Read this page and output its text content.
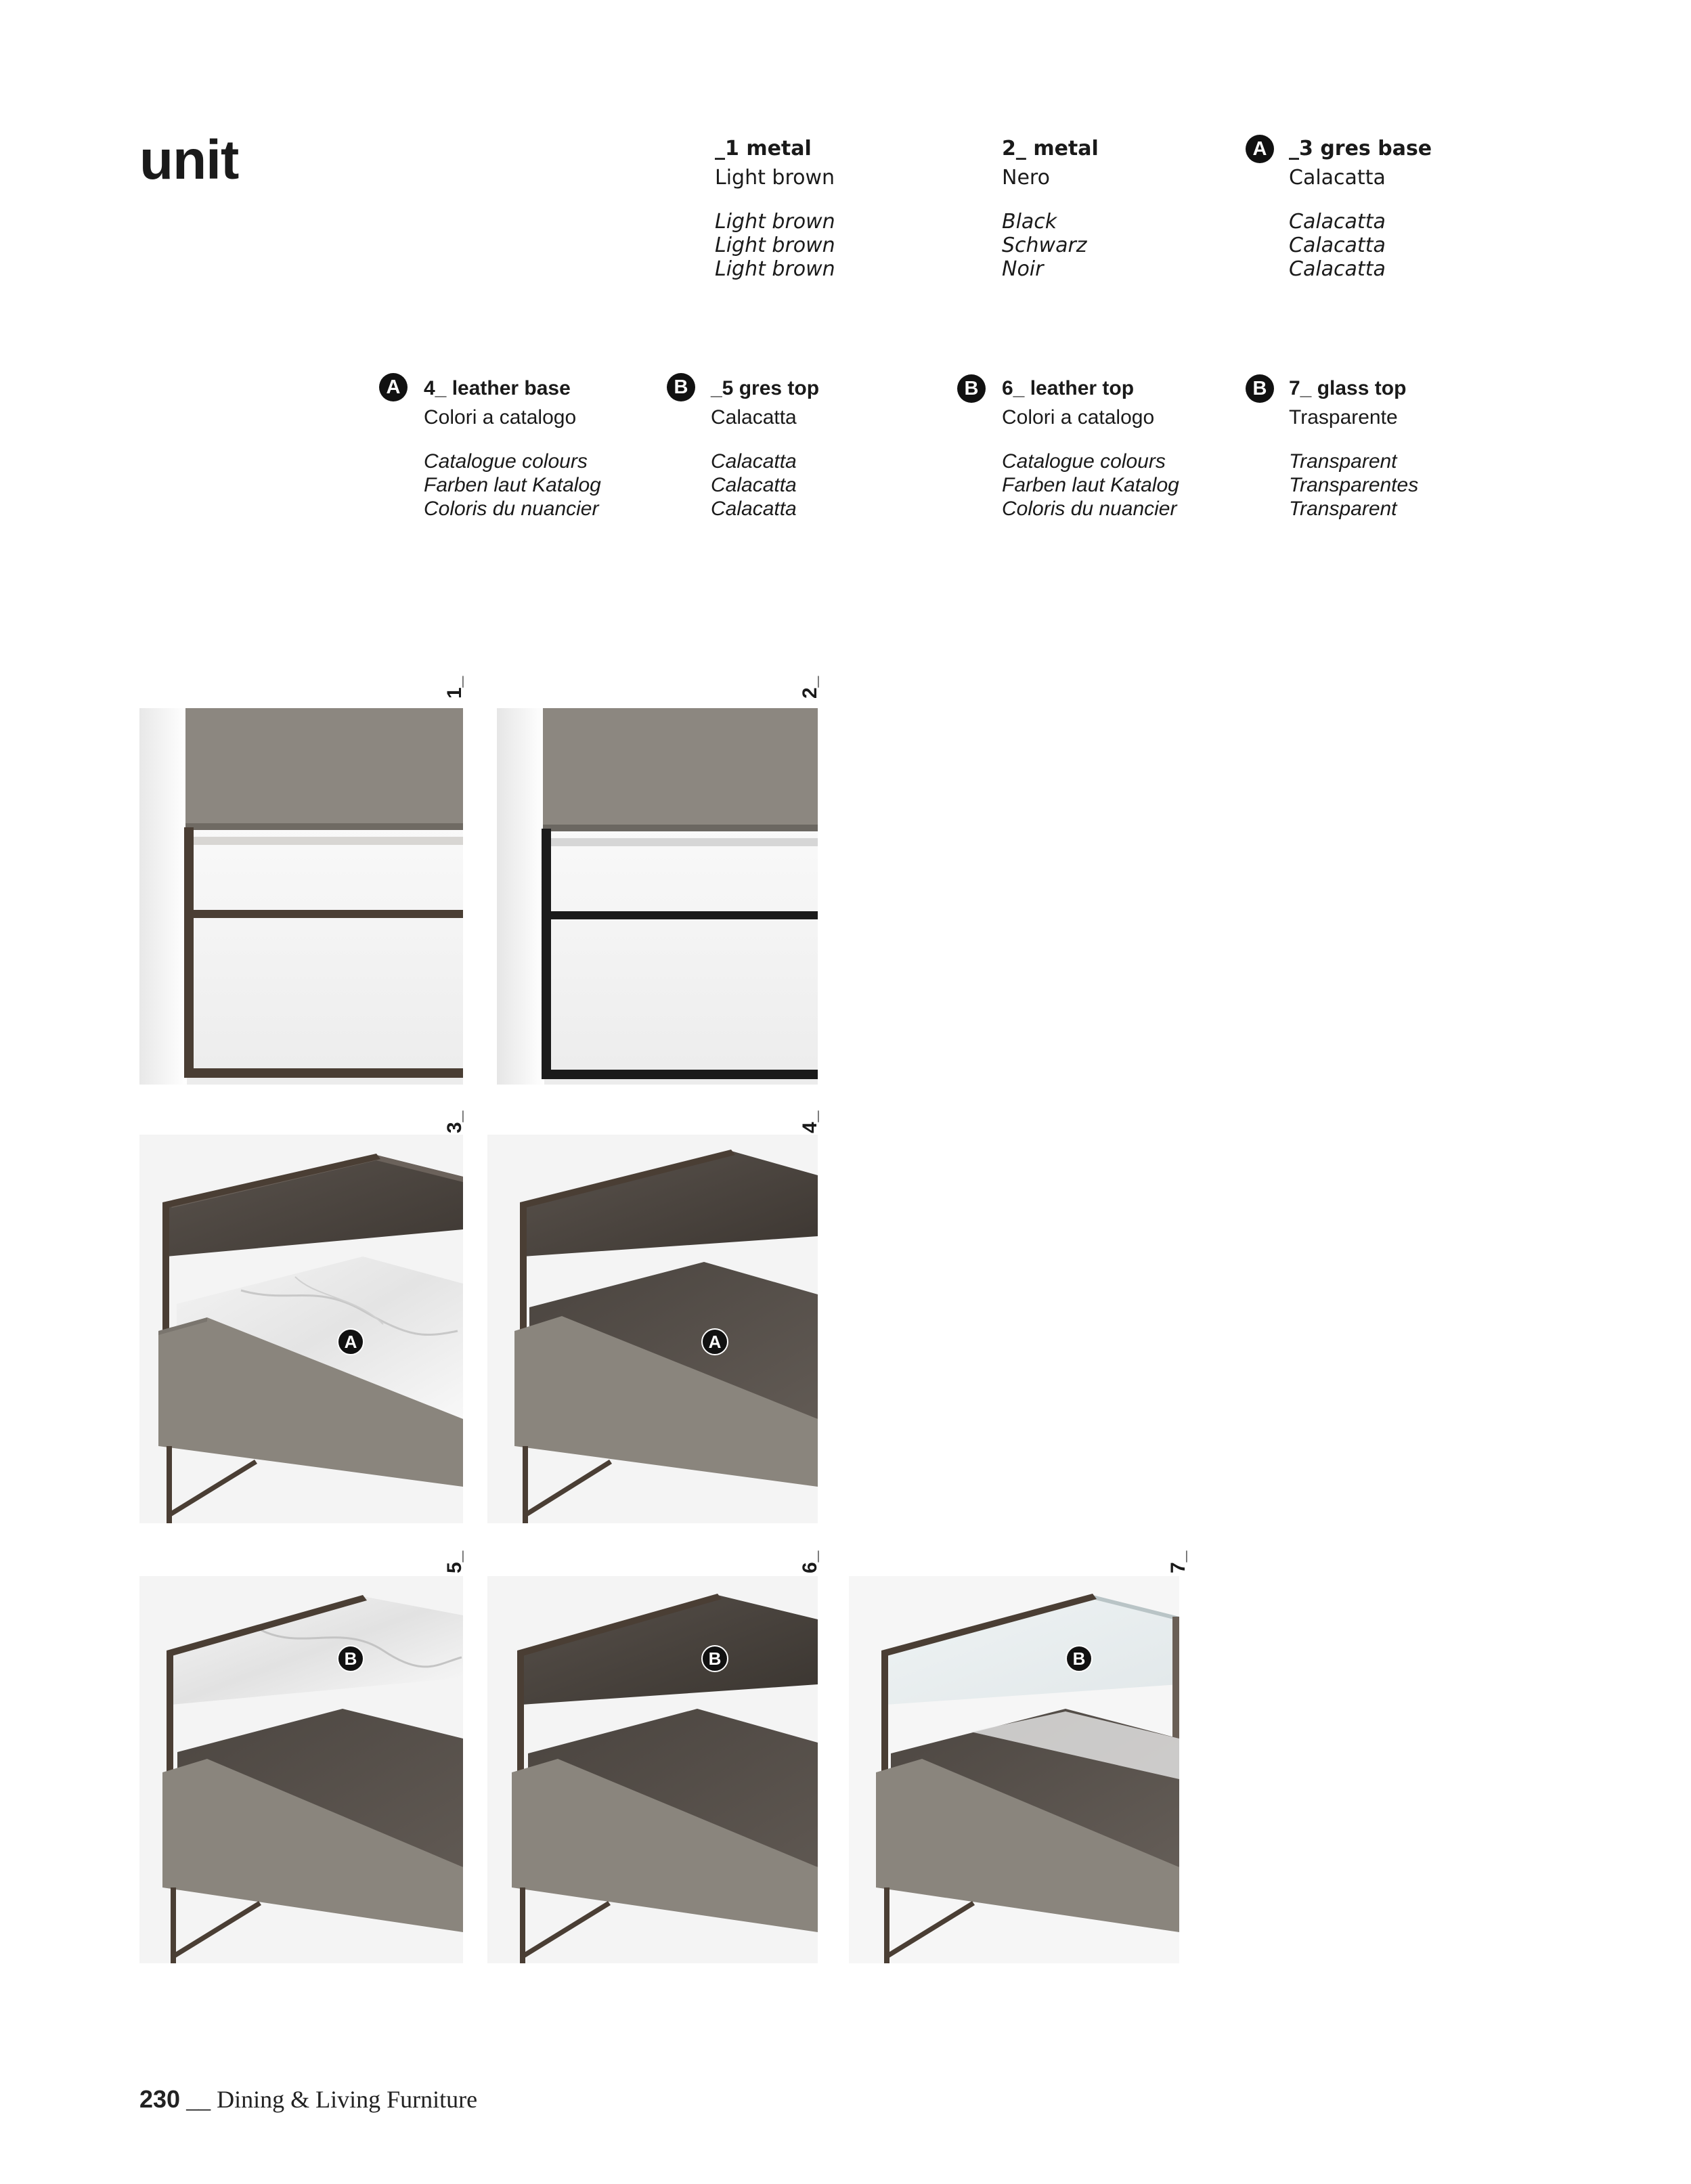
unit	_1 metal
Light brown
Light brown
Light brown
Light brown
2_ metal
Nero
Black
Schwarz
Noir
A	_3 gres base
Calacatta
Calacatta
Calacatta
Calacatta
A	4_ leather base
Colori a catalogo
Catalogue colours
Farben laut Katalog
Coloris du nuancier
B	_5 gres top
Calacatta
Calacatta
Calacatta
Calacatta
B	6_ leather top
Colori a catalogo
Catalogue colours
Farben laut Katalog
Coloris du nuancier
B	7_ glass top
Trasparente
Transparent
Transparentes
Transparent
1_	2_
3_
A
4_
A
5_
B
6_
B
7_
B
230 __ Dining & Living Furniture
